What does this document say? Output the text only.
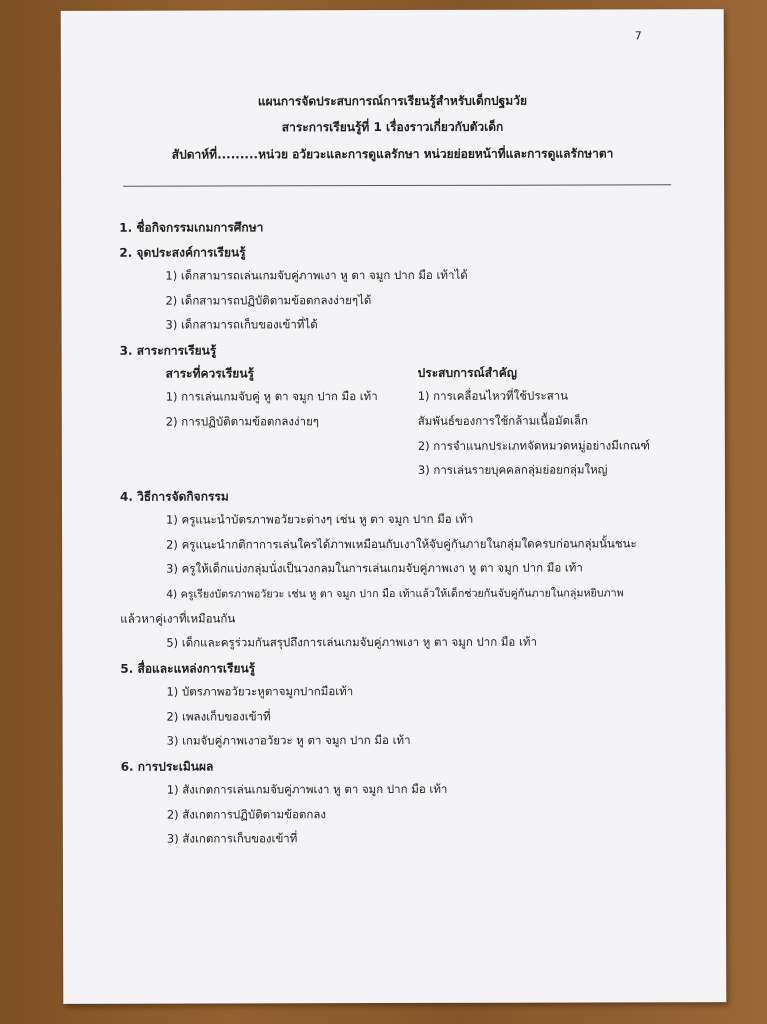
7
แผนการจัดประสบการณ์การเรียนรู้สำหรับเด็กปฐมวัย
สาระการเรียนรู้ที่ 1 เรื่องราวเกี่ยวกับตัวเด็ก
สัปดาห์ที่.........หน่วย อวัยวะและการดูแลรักษา หน่วยย่อยหน้าที่และการดูแลรักษาตา
1. ชื่อกิจกรรมเกมการศึกษา
2. จุดประสงค์การเรียนรู้
1) เด็กสามารถเล่นเกมจับคู่ภาพเงา หู ตา จมูก ปาก มือ เท้าได้
2) เด็กสามารถปฏิบัติตามข้อตกลงง่ายๆได้
3) เด็กสามารถเก็บของเข้าที่ได้
3. สาระการเรียนรู้
สาระที่ควรเรียนรู้	ประสบการณ์สำคัญ
1) การเล่นเกมจับคู่ หู ตา จมูก ปาก มือ เท้า
2) การปฏิบัติตามข้อตกลงง่ายๆ
1) การเคลื่อนไหวที่ใช้ประสาน
สัมพันธ์ของการใช้กล้ามเนื้อมัดเล็ก
2) การจำแนกประเภทจัดหมวดหมู่อย่างมีเกณฑ์
3) การเล่นรายบุคคลกลุ่มย่อยกลุ่มใหญ่
4. วิธีการจัดกิจกรรม
1) ครูแนะนำบัตรภาพอวัยวะต่างๆ เช่น หู ตา จมูก ปาก มือ เท้า
2) ครูแนะนำกติกาการเล่นใครได้ภาพเหมือนกับเงาให้จับคู่กันภายในกลุ่มใดครบก่อนกลุ่มนั้นชนะ
3) ครูให้เด็กแบ่งกลุ่มนั่งเป็นวงกลมในการเล่นเกมจับคู่ภาพเงา หู ตา จมูก ปาก มือ เท้า
4) ครูเรียงบัตรภาพอวัยวะ เช่น หู ตา จมูก ปาก มือ เท้าแล้วให้เด็กช่วยกันจับคู่กันภายในกลุ่มหยิบภาพ
แล้วหาคู่เงาที่เหมือนกัน
5) เด็กและครูร่วมกันสรุปถึงการเล่นเกมจับคู่ภาพเงา หู ตา จมูก ปาก มือ เท้า
5. สื่อและแหล่งการเรียนรู้
1) บัตรภาพอวัยวะหูตาจมูกปากมือเท้า
2) เพลงเก็บของเข้าที่
3) เกมจับคู่ภาพเงาอวัยวะ หู ตา จมูก ปาก มือ เท้า
6. การประเมินผล
1) สังเกตการเล่นเกมจับคู่ภาพเงา หู ตา จมูก ปาก มือ เท้า
2) สังเกตการปฏิบัติตามข้อตกลง
3) สังเกตการเก็บของเข้าที่
